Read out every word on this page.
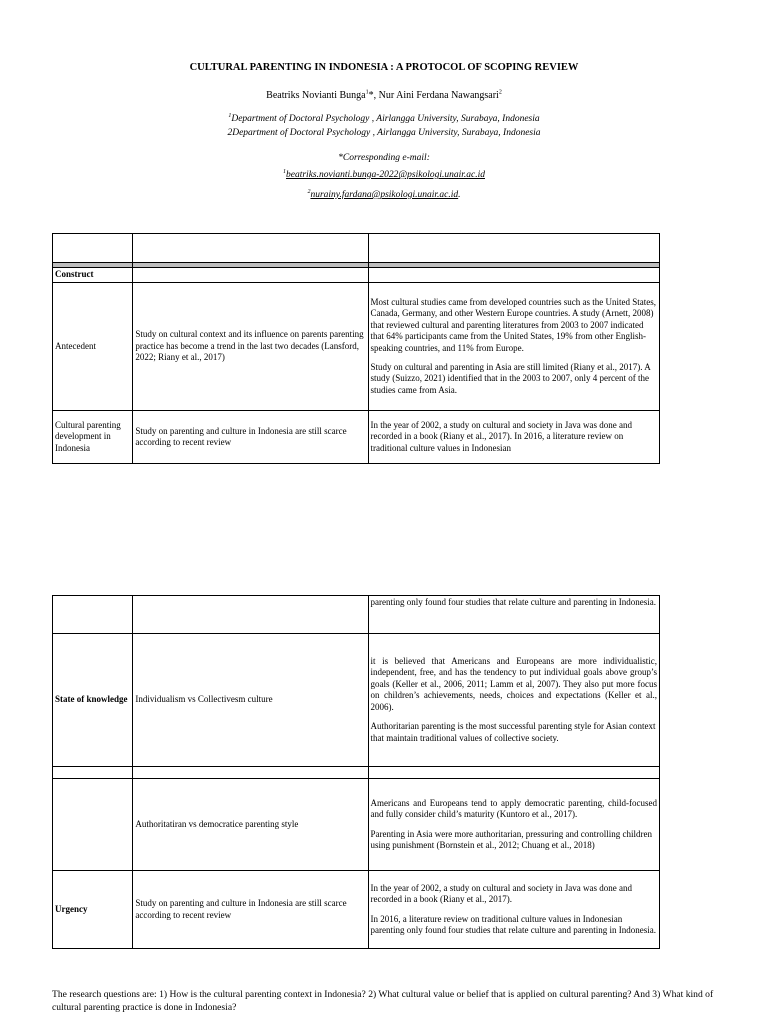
CULTURAL PARENTING IN INDONESIA : A PROTOCOL OF SCOPING REVIEW
Beatriks Novianti Bunga$^1$*, Nur Aini Ferdana Nawangsari$^2$
$^1$Department of Doctoral Psychology , Airlangga University, Surabaya, Indonesia
2Department of Doctoral Psychology , Airlangga University, Surabaya, Indonesia
*Corresponding e-mail:
$^1$beatriks.novianti.bunga-2022@psikologi.unair.ac.id
$^2$nurainy.fardana@psikologi.unair.ac.id.

Construct		
Antecedent	Study on cultural context and its influence on parents parenting practice has become a trend in the last two decades (Lansford, 2022; Riany et al., 2017)	Most cultural studies came from developed countries such as the United States, Canada, Germany, and other Western Europe countries. A study (Arnett, 2008) that reviewed cultural and parenting literatures from 2003 to 2007 indicated that 64% participants came from the United States, 19% from other English-speaking countries, and 11% from Europe.

Study on cultural and parenting in Asia are still limited (Riany et al., 2017). A study (Suizzo, 2021) identified that in the 2003 to 2007, only 4 percent of the studies came from Asia.

Cultural parenting development in Indonesia	Study on parenting and culture in Indonesia are still scarce according to recent review	In the year of 2002, a study on cultural and society in Java was done and recorded in a book (Riany et al., 2017). In 2016, a literature review on traditional culture values in Indonesian
		parenting only found four studies that relate culture and parenting in Indonesia.
State of knowledge	Individualism vs Collectivesm culture	it is believed that Americans and Europeans are more individualistic, independent, free, and has the tendency to put individual goals above group’s goals (Keller et al., 2006, 2011; Lamm et al, 2007). They also put more focus on children’s achievements, needs, choices and expectations (Keller et al., 2006).

Authoritarian parenting is the most successful parenting style for Asian context that maintain traditional values of collective society.

	Authoritatiran vs democratice parenting style	Americans and Europeans tend to apply democratic parenting, child-focused and fully consider child’s maturity (Kuntoro et al., 2017).

Parenting in Asia were more authoritarian, pressuring and controlling children using punishment (Bornstein et al., 2012; Chuang et al., 2018)

Urgency	Study on parenting and culture in Indonesia are still scarce according to recent review	In the year of 2002, a study on cultural and society in Java was done and recorded in a book (Riany et al., 2017).

In 2016, a literature review on traditional culture values in Indonesian parenting only found four studies that relate culture and parenting in Indonesia.

The research questions are: 1) How is the cultural parenting context in Indonesia? 2) What cultural value or belief that is applied on cultural parenting? And 3) What kind of cultural parenting practice is done in Indonesia?
